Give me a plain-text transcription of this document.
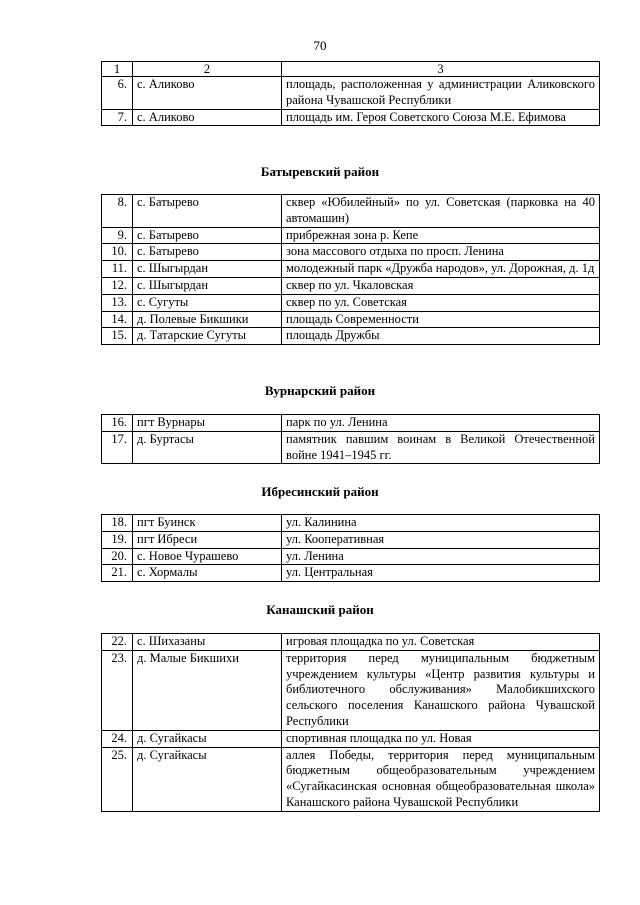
70
1	2	3
6.	с. Аликово	площадь, расположенная у администрации Аликовского района Чувашской Республики
7.	с. Аликово	площадь им. Героя Советского Союза М.Е. Ефимова
Батыревский район
8.	с. Батырево	сквер «Юбилейный» по ул. Советская (парковка на 40 автомашин)
9.	с. Батырево	прибрежная зона р. Кепе
10.	с. Батырево	зона массового отдыха по просп. Ленина
11.	с. Шыгырдан	молодежный парк «Дружба народов», ул. Дорожная, д. 1д
12.	с. Шыгырдан	сквер по ул. Чкаловская
13.	с. Сугуты	сквер по ул. Советская
14.	д. Полевые Бикшики	площадь Современности
15.	д. Татарские Сугуты	площадь Дружбы
Вурнарский район
16.	пгт Вурнары	парк по ул. Ленина
17.	д. Буртасы	памятник павшим воинам в Великой Отечественной войне 1941–1945 гг.
Ибресинский район
18.	пгт Буинск	ул. Калинина
19.	пгт Ибреси	ул. Кооперативная
20.	с. Новое Чурашево	ул. Ленина
21.	с. Хормалы	ул. Центральная
Канашский район
22.	с. Шихазаны	игровая площадка по ул. Советская
23.	д. Малые Бикшихи	территория перед муниципальным бюджетным учреждением культуры «Центр развития культуры и библиотечного обслуживания» Малобикшихского сельского поселения Канашского района Чувашской Республики
24.	д. Сугайкасы	спортивная площадка по ул. Новая
25.	д. Сугайкасы	аллея Победы, территория перед муниципальным бюджетным общеобразовательным учреждением «Сугайкасинская основная общеобразовательная школа» Канашского района Чувашской Республики
